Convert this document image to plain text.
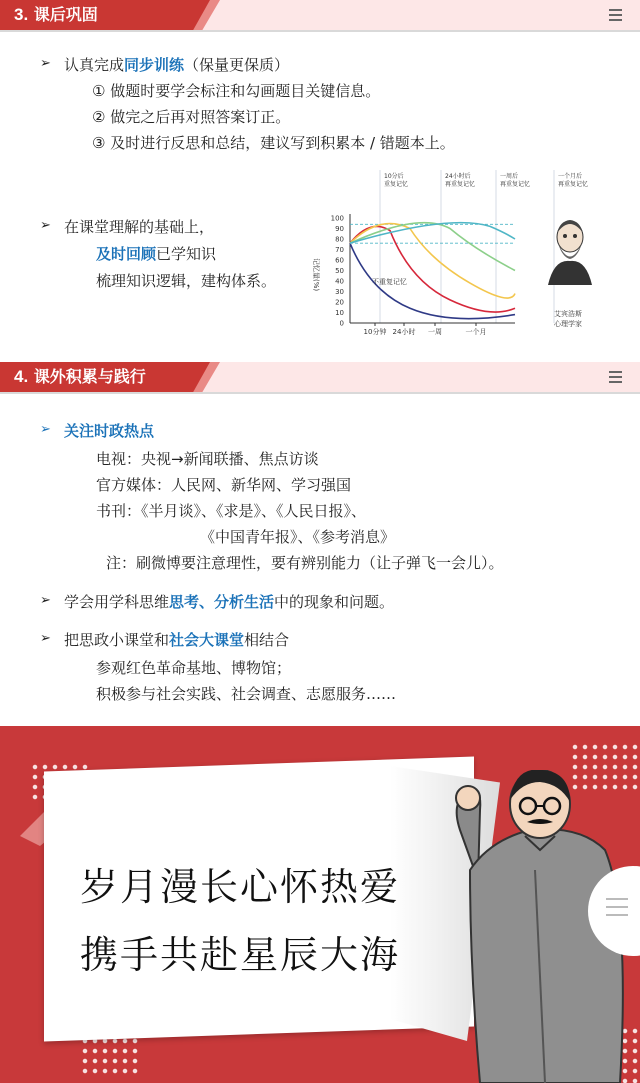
3. 课后巩固
➢ 认真完成同步训练（保量更保质）
① 做题时要学会标注和勾画题目关键信息。
② 做完之后再对照答案订正。
③ 及时进行反思和总结，建议写到积累本 / 错题本上。
➢ 在课堂理解的基础上，
及时回顾已学知识
梳理知识逻辑，建构体系。
10分后
重复记忆
24小时后
再重复记忆
一周后
再重复记忆
一个月后
再重复记忆
0
10
20
30
40
50
60
70
80
90
100
10分钟 24小时 一周	一个月
记忆量(%)	不重复记忆
艾宾浩斯
心理学家
4. 课外积累与践行
➢ 关注时政热点
电视：央视→新闻联播、焦点访谈
官方媒体：人民网、新华网、学习强国
书刊：《半月谈》、《求是》、《人民日报》、
《中国青年报》、《参考消息》
注：刷微博要注意理性，要有辨别能力（让子弹飞一会儿）。
➢ 学会用学科思维思考、分析生活中的现象和问题。
➢ 把思政小课堂和社会大课堂相结合
参观红色革命基地、博物馆；
积极参与社会实践、社会调查、志愿服务……
岁月漫长心怀热爱
携手共赴星辰大海
